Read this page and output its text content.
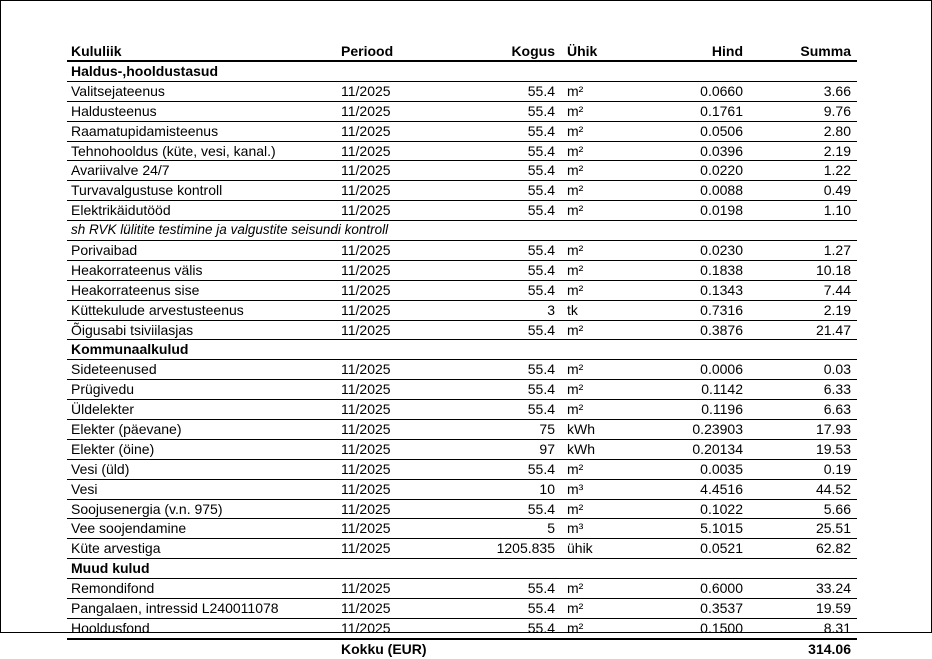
Kululiik	Periood	Kogus Ühik	Hind	Summa
Haldus-,hooldustasud
Valitsejateenus	11/2025	55.4 m²	0.0660	3.66
Haldusteenus	11/2025	55.4 m²	0.1761	9.76
Raamatupidamisteenus	11/2025	55.4 m²	0.0506	2.80
Tehnohooldus (küte, vesi, kanal.)	11/2025	55.4 m²	0.0396	2.19
Avariivalve 24/7	11/2025	55.4 m²	0.0220	1.22
Turvavalgustuse kontroll	11/2025	55.4 m²	0.0088	0.49
Elektrikäidutööd	11/2025	55.4 m²	0.0198	1.10
sh RVK lülitite testimine ja valgustite seisundi kontroll
Porivaibad	11/2025	55.4 m²	0.0230	1.27
Heakorrateenus välis	11/2025	55.4 m²	0.1838	10.18
Heakorrateenus sise	11/2025	55.4 m²	0.1343	7.44
Küttekulude arvestusteenus	11/2025	3 tk	0.7316	2.19
Õigusabi tsiviilasjas	11/2025	55.4 m²	0.3876	21.47
Kommunaalkulud
Sideteenused	11/2025	55.4 m²	0.0006	0.03
Prügivedu	11/2025	55.4 m²	0.1142	6.33
Üldelekter	11/2025	55.4 m²	0.1196	6.63
Elekter (päevane)	11/2025	75 kWh	0.23903	17.93
Elekter (öine)	11/2025	97 kWh	0.20134	19.53
Vesi (üld)	11/2025	55.4 m²	0.0035	0.19
Vesi	11/2025	10 m³	4.4516	44.52
Soojusenergia (v.n. 975)	11/2025	55.4 m²	0.1022	5.66
Vee soojendamine	11/2025	5 m³	5.1015	25.51
Küte arvestiga	11/2025	1205.835 ühik	0.0521	62.82
Muud kulud
Remondifond	11/2025	55.4 m²	0.6000	33.24
Pangalaen, intressid L240011078	11/2025	55.4 m²	0.3537	19.59
Hooldusfond	11/2025	55.4 m²	0.1500	8.31
Kokku (EUR)	314.06
